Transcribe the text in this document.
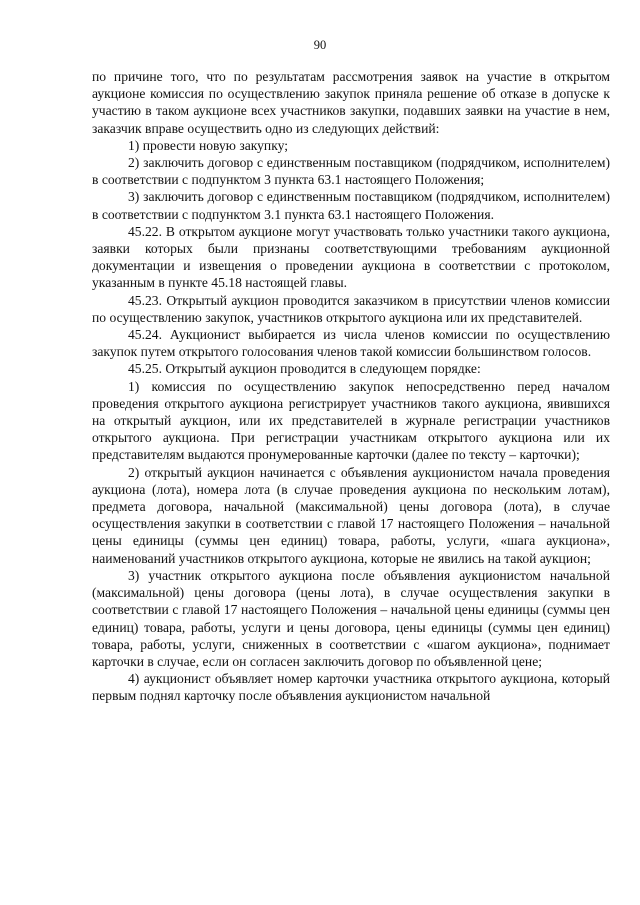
90

по причине того, что по результатам рассмотрения заявок на участие в открытом аукционе комиссия по осуществлению закупок приняла решение об отказе в допуске к участию в таком аукционе всех участников закупки, подавших заявки на участие в нем, заказчик вправе осуществить одно из следующих действий:

1) провести новую закупку;

2) заключить договор с единственным поставщиком (подрядчиком, исполнителем) в соответствии с подпунктом 3 пункта 63.1 настоящего Положения;

3) заключить договор с единственным поставщиком (подрядчиком, исполнителем) в соответствии с подпунктом 3.1 пункта 63.1 настоящего Положения.

45.22. В открытом аукционе могут участвовать только участники такого аукциона, заявки которых были признаны соответствующими требованиям аукционной документации и извещения о проведении аукциона в соответствии с протоколом, указанным в пункте 45.18 настоящей главы.

45.23. Открытый аукцион проводится заказчиком в присутствии членов комиссии по осуществлению закупок, участников открытого аукциона или их представителей.

45.24. Аукционист выбирается из числа членов комиссии по осуществлению закупок путем открытого голосования членов такой комиссии большинством голосов.

45.25. Открытый аукцион проводится в следующем порядке:

1) комиссия по осуществлению закупок непосредственно перед началом проведения открытого аукциона регистрирует участников такого аукциона, явившихся на открытый аукцион, или их представителей в журнале регистрации участников открытого аукциона. При регистрации участникам открытого аукциона или их представителям выдаются пронумерованные карточки (далее по тексту – карточки);

2) открытый аукцион начинается с объявления аукционистом начала проведения аукциона (лота), номера лота (в случае проведения аукциона по нескольким лотам), предмета договора, начальной (максимальной) цены договора (лота), в случае осуществления закупки в соответствии с главой 17 настоящего Положения – начальной цены единицы (суммы цен единиц) товара, работы, услуги, «шага аукциона», наименований участников открытого аукциона, которые не явились на такой аукцион;

3) участник открытого аукциона после объявления аукционистом начальной (максимальной) цены договора (цены лота), в случае осуществления закупки в соответствии с главой 17 настоящего Положения – начальной цены единицы (суммы цен единиц) товара, работы, услуги и цены договора, цены единицы (суммы цен единиц) товара, работы, услуги, сниженных в соответствии с «шагом аукциона», поднимает карточки в случае, если он согласен заключить договор по объявленной цене;

4) аукционист объявляет номер карточки участника открытого аукциона, который первым поднял карточку после объявления аукционистом начальной
